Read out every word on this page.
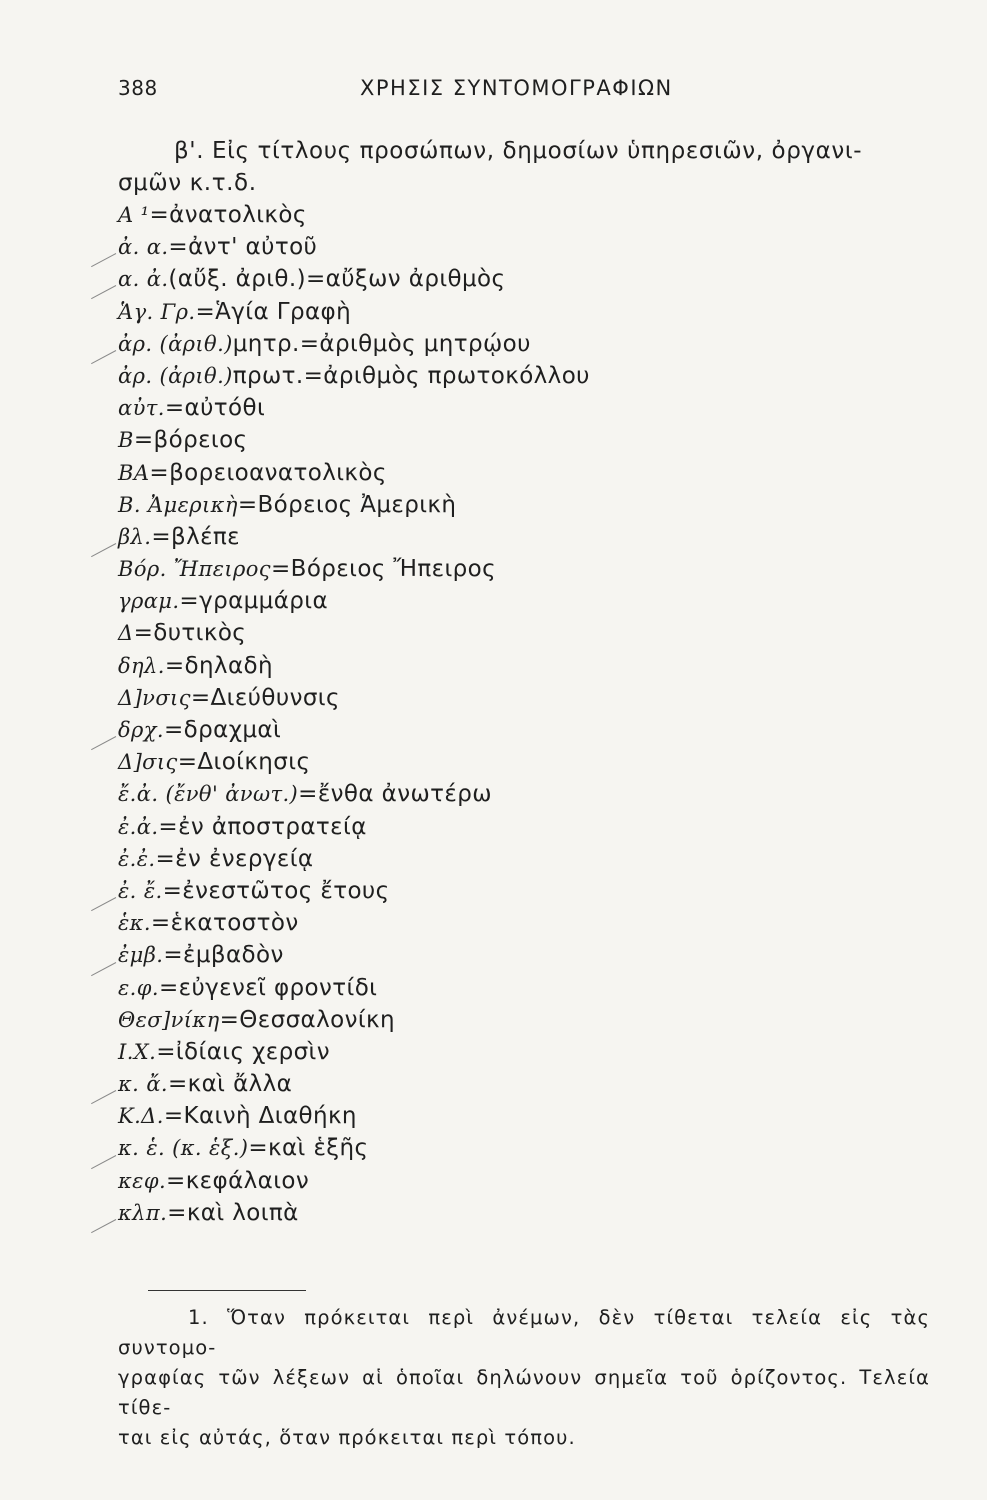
388	ΧΡΗΣΙΣ ΣΥΝΤΟΜΟΓΡΑΦΙΩΝ
β'. Εἰς τίτλους προσώπων, δημοσίων ὑπηρεσιῶν, ὀργανι-
σμῶν κ.τ.δ.
Α ¹=ἀνατολικὸς
ἀ. α.=ἀντ' αὐτοῦ
α. ἀ.(αὔξ. ἀριθ.)=αὔξων ἀριθμὸς
Ἁγ. Γρ.=Ἁγία Γραφὴ
ἀρ. (ἀριθ.)μητρ.=ἀριθμὸς μητρῴου
ἀρ. (ἀριθ.)πρωτ.=ἀριθμὸς πρωτοκόλλου
αὐτ.=αὐτόθι
Β=βόρειος
ΒΑ=βορειοανατολικὸς
Β. Ἀμερικὴ=Βόρειος Ἀμερικὴ
βλ.=βλέπε
Βόρ. Ἤπειρος=Βόρειος Ἤπειρος
γραμ.=γραμμάρια
Δ=δυτικὸς
δηλ.=δηλαδὴ
Δ]νσις=Διεύθυνσις
δρχ.=δραχμαὶ
Δ]σις=Διοίκησις
ἔ.ἀ. (ἔνθ' ἀνωτ.)=ἔνθα ἀνωτέρω
ἐ.ἀ.=ἐν ἀποστρατείᾳ
ἐ.ἐ.=ἐν ἐνεργείᾳ
ἐ. ἔ.=ἐνεστῶτος ἔτους
ἑκ.=ἑκατοστὸν
ἐμβ.=ἐμβαδὸν
ε.φ.=εὐγενεῖ φροντίδι
Θεσ]νίκη=Θεσσαλονίκη
Ι.Χ.=ἰδίαις χερσὶν
κ. ἄ.=καὶ ἄλλα
Κ.Δ.=Καινὴ Διαθήκη
κ. ἑ. (κ. ἑξ.)=καὶ ἑξῆς
κεφ.=κεφάλαιον
κλπ.=καὶ λοιπὰ

1. Ὅταν πρόκειται περὶ ἀνέμων, δὲν τίθεται τελεία εἰς τὰς συντομο-

γραφίας τῶν λέξεων αἱ ὁποῖαι δηλώνουν σημεῖα τοῦ ὁρίζοντος. Τελεία τίθε-

ται εἰς αὐτάς, ὅταν πρόκειται περὶ τόπου.
